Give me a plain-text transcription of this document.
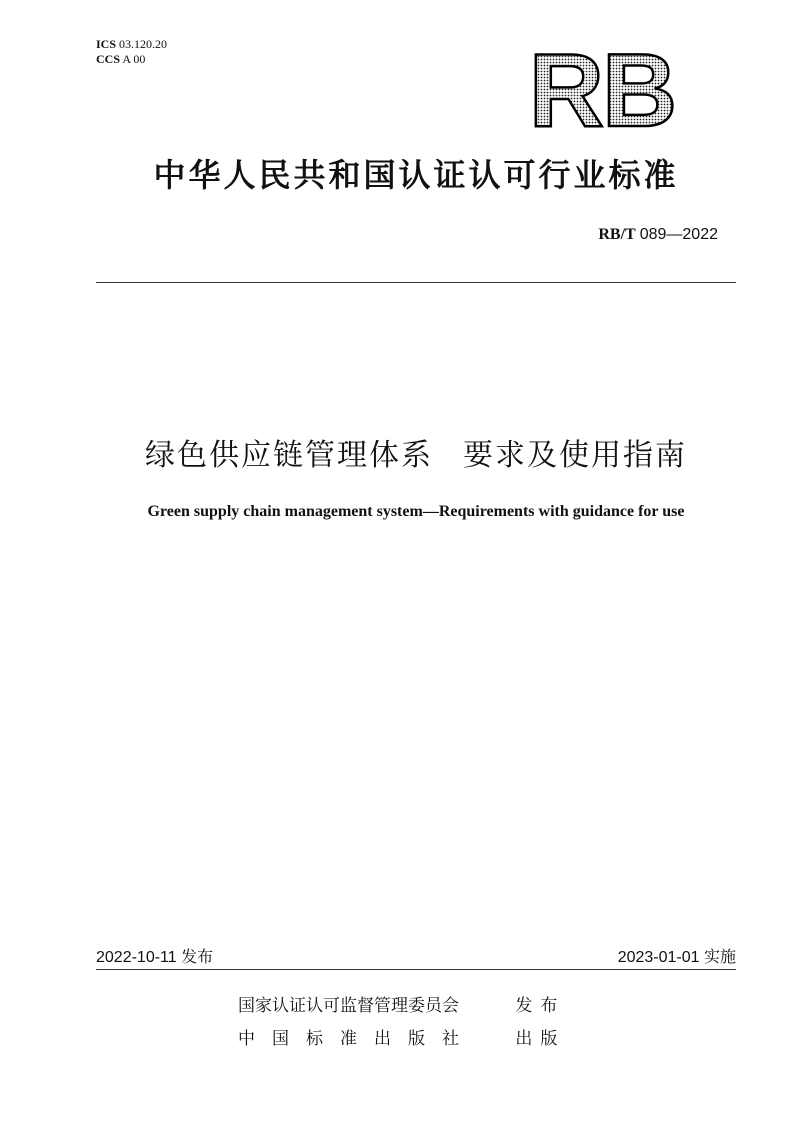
ICS 03.120.20
CCS A 00	RB
中华人民共和国认证认可行业标准
RB/T 089—2022
绿色供应链管理体系 要求及使用指南
Green supply chain management system—Requirements with guidance for use
2022-10-11 发布	2023-01-01 实施
国家认证认可监督管理委员会	发布
中国标准出版社 出版
